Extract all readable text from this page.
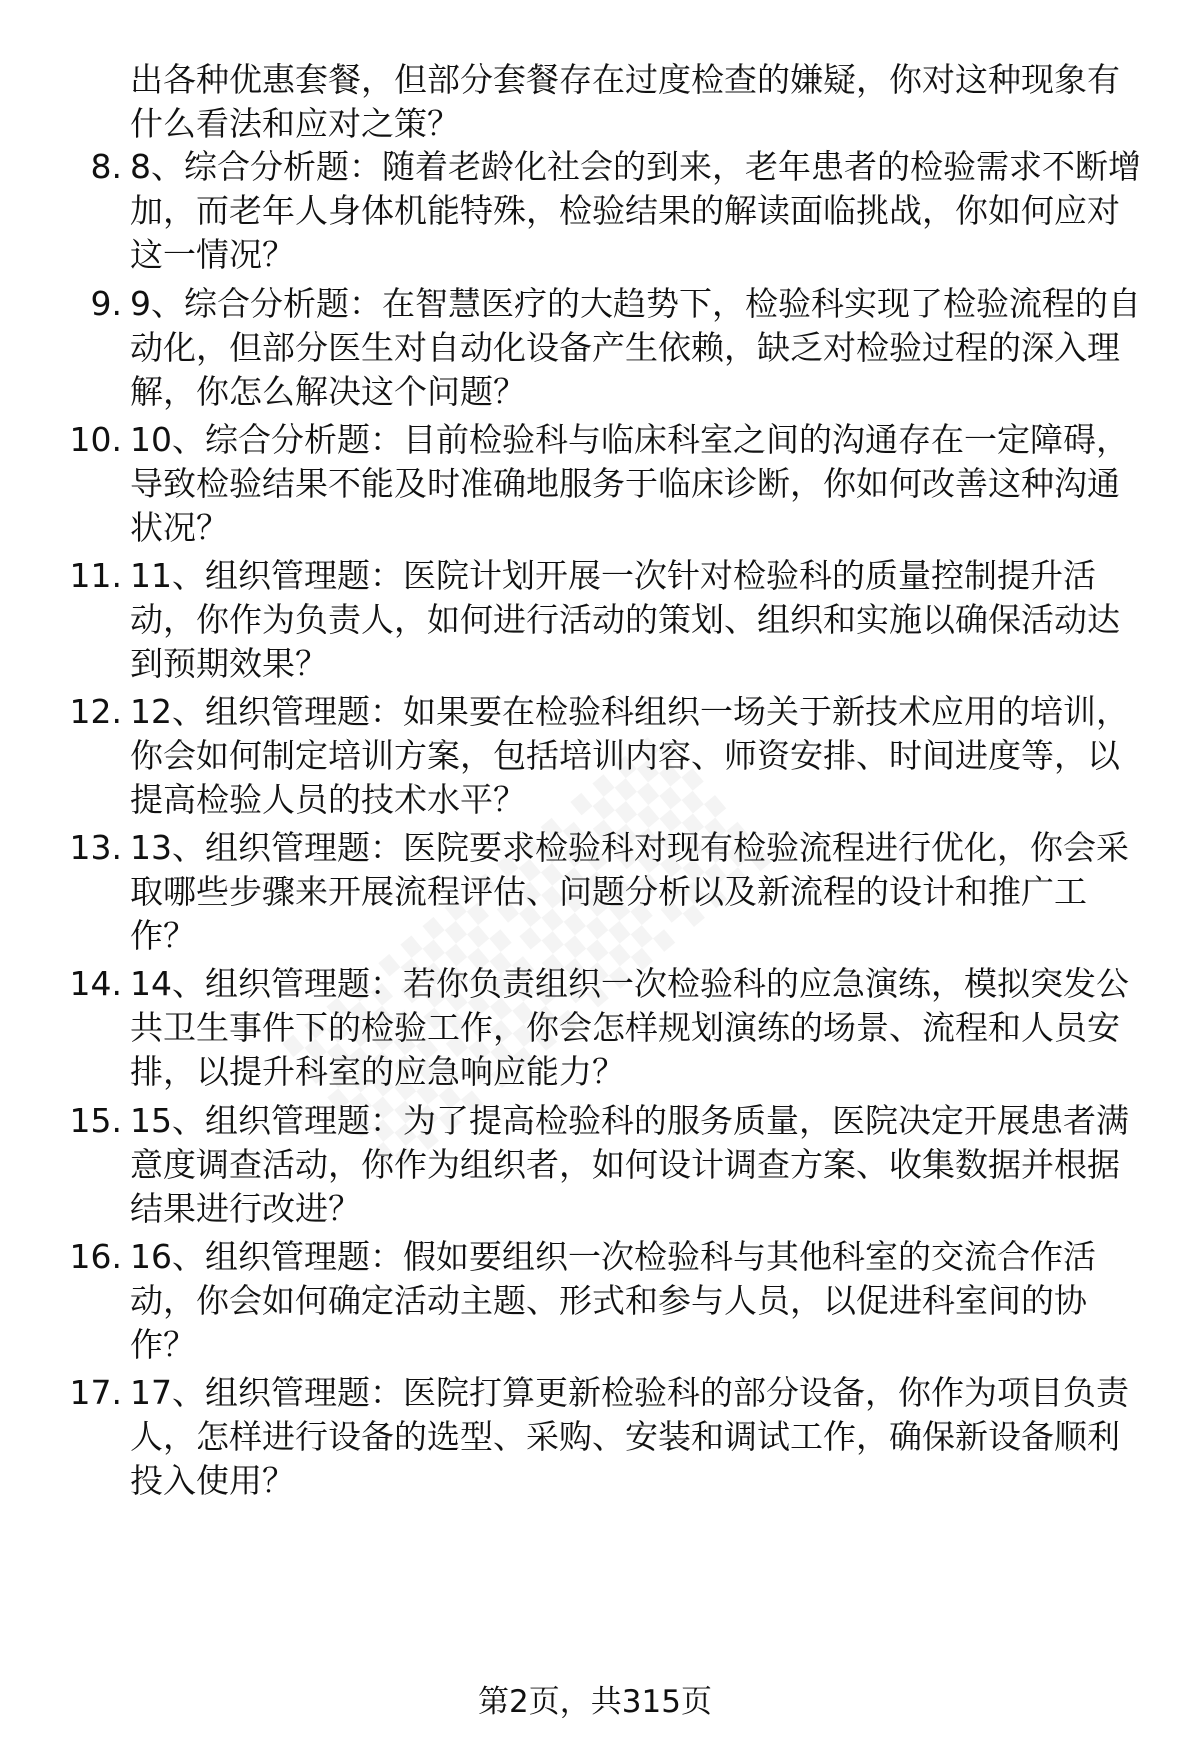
出各种优惠套餐，但部分套餐存在过度检查的嫌疑，你对这种现象有什么看法和应对之策？
8. 8、综合分析题：随着老龄化社会的到来，老年患者的检验需求不断增加，而老年人身体机能特殊，检验结果的解读面临挑战，你如何应对这一情况？
9. 9、综合分析题：在智慧医疗的大趋势下，检验科实现了检验流程的自动化，但部分医生对自动化设备产生依赖，缺乏对检验过程的深入理解，你怎么解决这个问题？
10. 10、综合分析题：目前检验科与临床科室之间的沟通存在一定障碍，导致检验结果不能及时准确地服务于临床诊断，你如何改善这种沟通状况？
11. 11、组织管理题：医院计划开展一次针对检验科的质量控制提升活动，你作为负责人，如何进行活动的策划、组织和实施以确保活动达到预期效果？
12. 12、组织管理题：如果要在检验科组织一场关于新技术应用的培训，你会如何制定培训方案，包括培训内容、师资安排、时间进度等，以提高检验人员的技术水平？
13. 13、组织管理题：医院要求检验科对现有检验流程进行优化，你会采取哪些步骤来开展流程评估、问题分析以及新流程的设计和推广工作？
14. 14、组织管理题：若你负责组织一次检验科的应急演练，模拟突发公共卫生事件下的检验工作，你会怎样规划演练的场景、流程和人员安排，以提升科室的应急响应能力？
15. 15、组织管理题：为了提高检验科的服务质量，医院决定开展患者满意度调查活动，你作为组织者，如何设计调查方案、收集数据并根据结果进行改进？
16. 16、组织管理题：假如要组织一次检验科与其他科室的交流合作活动，你会如何确定活动主题、形式和参与人员，以促进科室间的协作？
17. 17、组织管理题：医院打算更新检验科的部分设备，你作为项目负责人，怎样进行设备的选型、采购、安装和调试工作，确保新设备顺利投入使用？
第2页，共315页
